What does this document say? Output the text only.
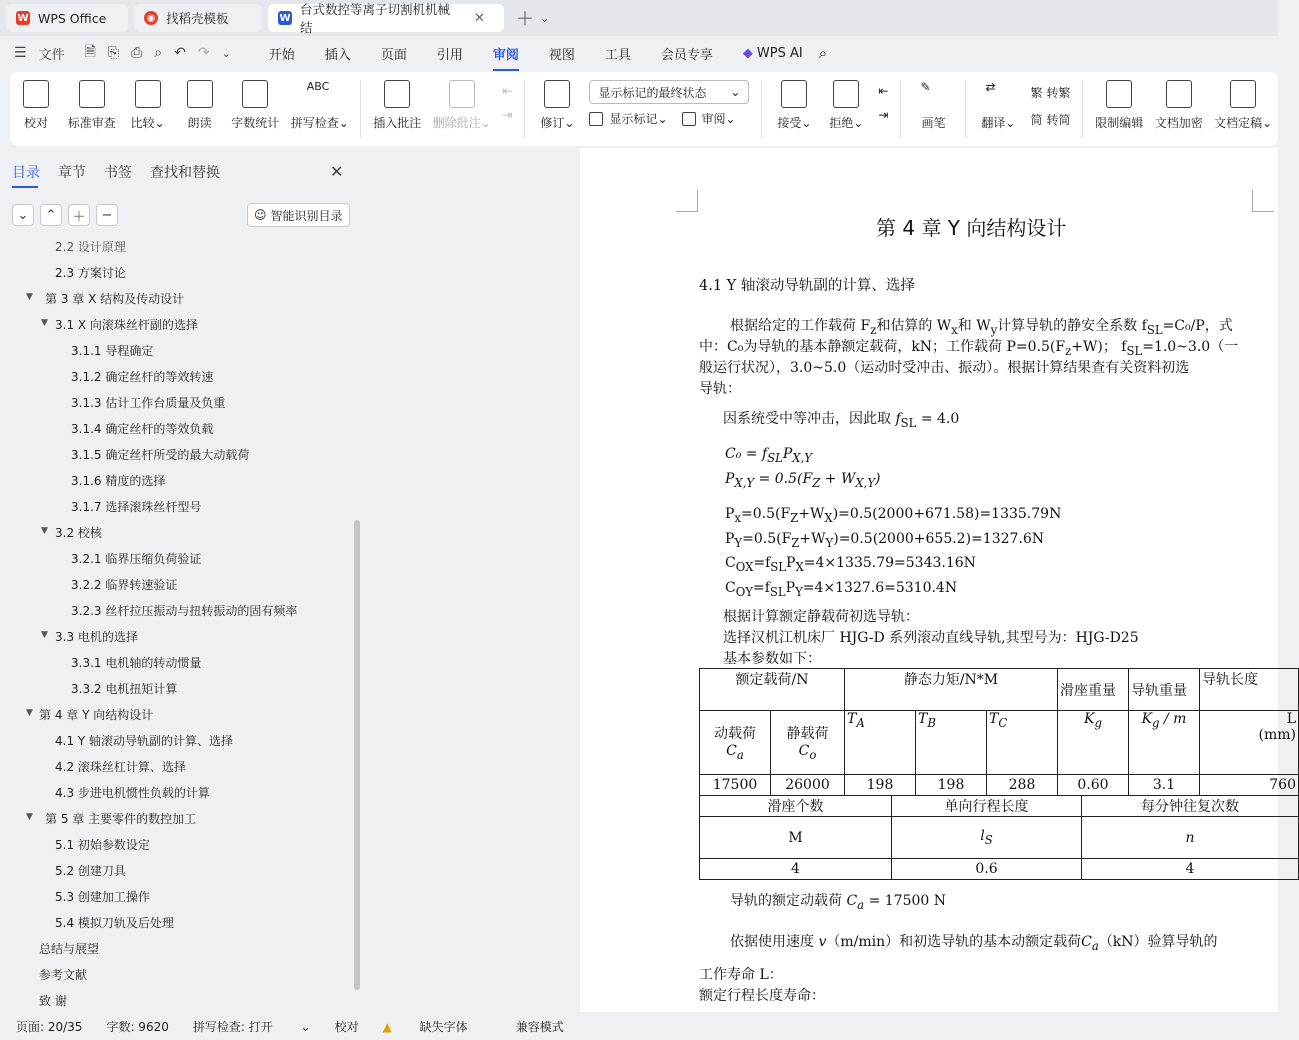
W WPS Office	◉ 找稻壳模板	W
台式数控等离子切割机机械结
✕ ＋ ⌄
☰ 文件 🗎 ⎘ ⎙ ⌕ ↶ ↷ ⌄	开始 插入 页面 引用 审阅 视图 工具 会员专享 ◆ WPS AI ⌕
校对 标准审查 比较⌄ 朗读 字数统计
ABC
拼写检查⌄ 插入批注 删除批注⌄
⇤
⇥
修订⌄
显示标记的最终状态 ⌄
显示标记 ⌄	审阅 ⌄	接受⌄ 拒绝⌄
⇤
⇥
✎
画笔
⇄
翻译⌄
繁 转繁
简 转简 限制编辑 文档加密 文档定稿⌄
目录 章节 书签 查找和替换	✕
⌄	⌃	＋	−	☺ 智能识别目录
2.2 设计原理
2.3 方案讨论
▼ 第 3 章 X 结构及传动设计
▼ 3.1 X 向滚珠丝杆副的选择
3.1.1 导程确定
3.1.2 确定丝杆的等效转速
3.1.3 估计工作台质量及负重
3.1.4 确定丝杆的等效负载
3.1.5 确定丝杆所受的最大动载荷
3.1.6 精度的选择
3.1.7 选择滚珠丝杆型号
▼ 3.2 校核
3.2.1 临界压缩负荷验证
3.2.2 临界转速验证
3.2.3 丝杆拉压振动与扭转振动的固有频率
▼ 3.3 电机的选择
3.3.1 电机轴的转动惯量
3.3.2 电机扭矩计算
▼ 第 4 章 Y 向结构设计
4.1 Y 轴滚动导轨副的计算、选择
4.2 滚珠丝杠计算、选择
4.3 步进电机惯性负载的计算
▼ 第 5 章 主要零件的数控加工
5.1 初始参数设定
5.2 创建刀具
5.3 创建加工操作
5.4 模拟刀轨及后处理
总结与展望
参考文献
致 谢
第 4 章 Y 向结构设计
4.1 Y 轴滚动导轨副的计算、选择
根据给定的工作载荷 $F_z$和估算的 $W_x$和 $W_y$计算导轨的静安全系数 $f_{SL}=C_0/P$，式
中：C₀为导轨的基本静额定载荷，kN；工作载荷 $P=0.5(F_z+W)$； $f_{SL}=1.0\sim 3.0$（一
般运行状况），3.0~5.0（运动时受冲击、振动）。根据计算结果查有关资料初选
导轨：
因系统受中等冲击，因此取 $f_{SL} = 4.0$
$C_0 = f_{SL}P_{X,Y}$
$P_{X,Y} = 0.5(F_Z + W_{X,Y})$
$P_x=0.5(F_Z+W_X)=0.5(2000+671.58)=1335.79N$
$P_Y=0.5(F_Z+W_Y)=0.5(2000+655.2)=1327.6N$
$C_{OX}=f_{SL}P_X=4\times 1335.79=5343.16N$
$C_{OY}=f_{SL}P_Y=4\times 1327.6=5310.4N$
根据计算额定静载荷初选导轨：
选择汉机江机床厂 HJG-D 系列滚动直线导轨,其型号为：HJG-D25
基本参数如下：
额定载荷/N		静态力矩/N*M			滑座重量	导轨重量	导轨长度
动载荷
$C_a$	静载荷
$C_o$	$T_A$	$T_B$	$T_C$	$K_g$	$K_g$ / m	L
(mm)
17500	26000	198	198	288	0.60	3.1	760
滑座个数	单向行程长度	每分钟往复次数
M	$l_S$	n
4	0.6	4
导轨的额定动载荷 $C_a = 17500$ N
依据使用速度 v（m/min）和初选导轨的基本动额定载荷$C_a(kN)$验算导轨的
工作寿命 L：
额定行程长度寿命：
页面: 20/35 字数: 9620 拼写检查: 打开 ⌄ 校对 ▲ 缺失字体	兼容模式
